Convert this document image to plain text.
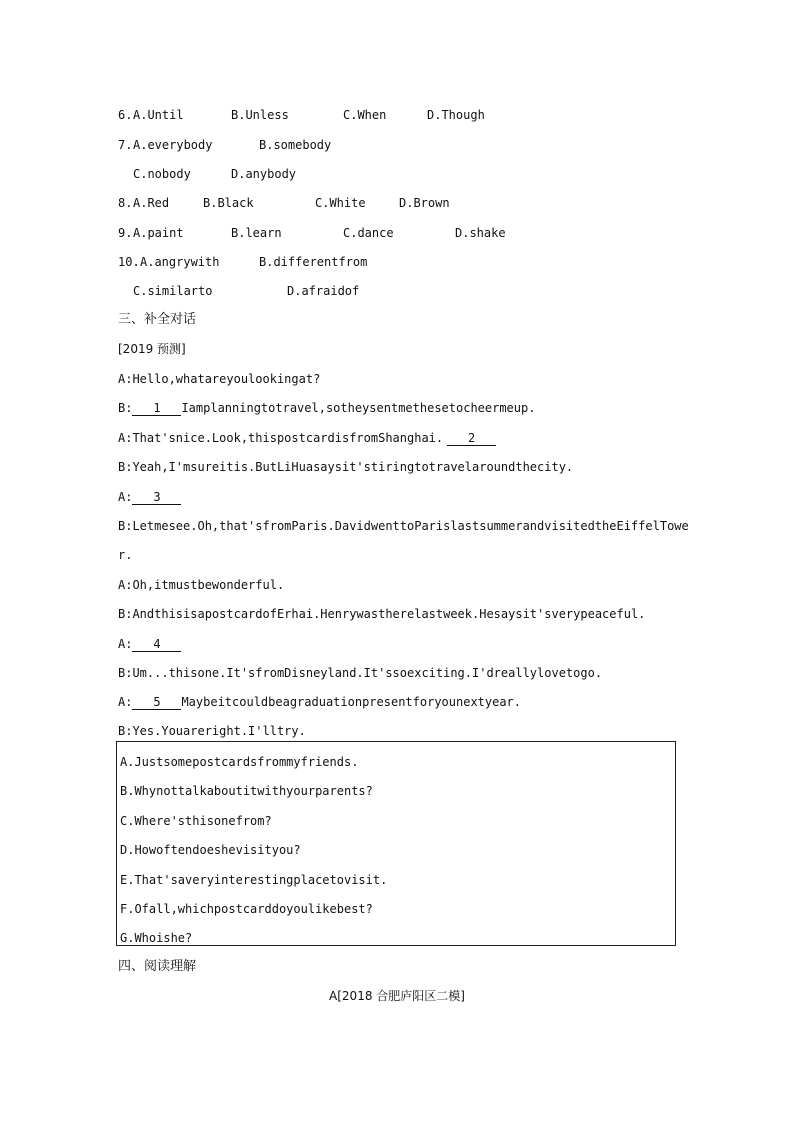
6.A.Until	B.Unless	C.When	D.Though
7.A.everybody	B.somebody
C.nobody	D.anybody
8.A.Red	B.Black	C.White	D.Brown
9.A.paint	B.learn	C.dance	D.shake
10.A.angrywith	B.differentfrom
C.similarto	D.afraidof
三、补全对话
[2019 预测]
A:Hello,whatareyoulookingat?
B: 1 Iamplanningtotravel,sotheysentmethesetocheermeup.
A:That'snice.Look,thispostcardisfromShanghai. 2
B:Yeah,I'msureitis.ButLiHuasaysit'stiringtotravelaroundthecity.
A: 3
B:Letmesee.Oh,that'sfromParis.DavidwenttoParislastsummerandvisitedtheEiffelTowe
r.
A:Oh,itmustbewonderful.
B:AndthisisapostcardofErhai.Henrywastherelastweek.Hesaysit'sverypeaceful.
A: 4
B:Um...thisone.It'sfromDisneyland.It'ssoexciting.I'dreallylovetogo.
A: 5 Maybeitcouldbeagraduationpresentforyounextyear.
B:Yes.Youareright.I'lltry.
A.Justsomepostcardsfrommyfriends.
B.Whynottalkaboutitwithyourparents?
C.Where'sthisonefrom?
D.Howoftendoeshevisityou?
E.That'saveryinterestingplacetovisit.
F.Ofall,whichpostcarddoyoulikebest?
G.Whoishe?
四、阅读理解
A[2018 合肥庐阳区二模]
